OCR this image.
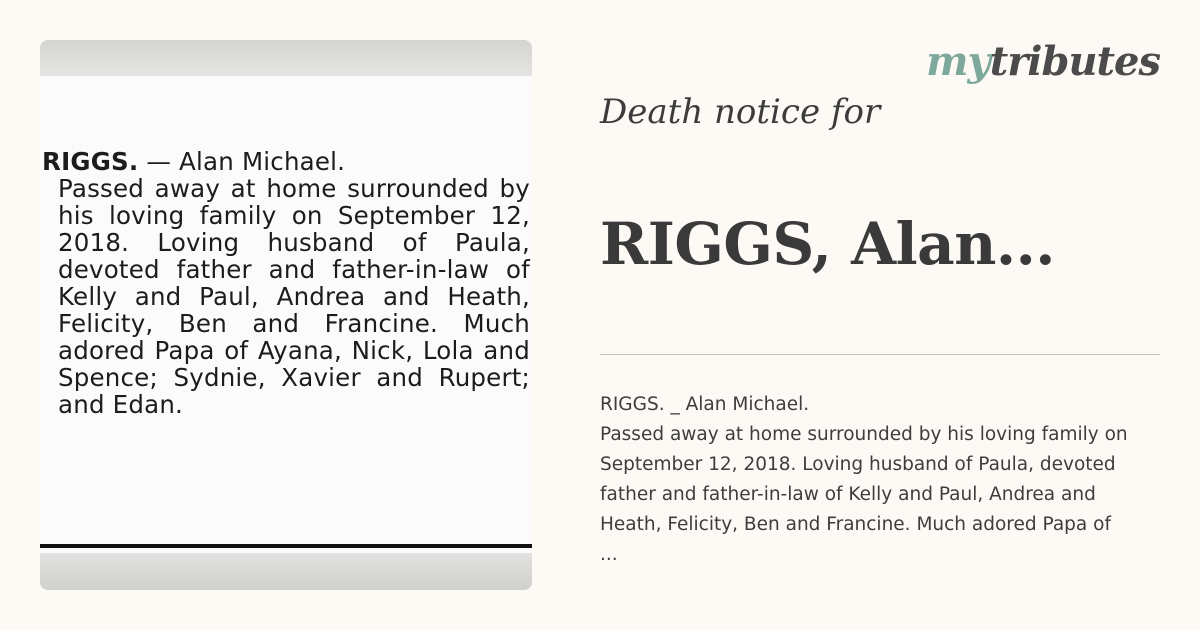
RIGGS. — Alan Michael.
Passed away at home surrounded by his loving family on September 12, 2018. Loving husband of Paula, devoted father and father-in-law of Kelly and Paul, Andrea and Heath, Felicity, Ben and Francine. Much adored Papa of Ayana, Nick, Lola and Spence; Sydnie, Xavier and Rupert; and Edan.
mytributes
Death notice for
RIGGS, Alan...
RIGGS. _ Alan Michael.
Passed away at home surrounded by his loving family on
September 12, 2018. Loving husband of Paula, devoted
father and father-in-law of Kelly and Paul, Andrea and
Heath, Felicity, Ben and Francine. Much adored Papa of
...
